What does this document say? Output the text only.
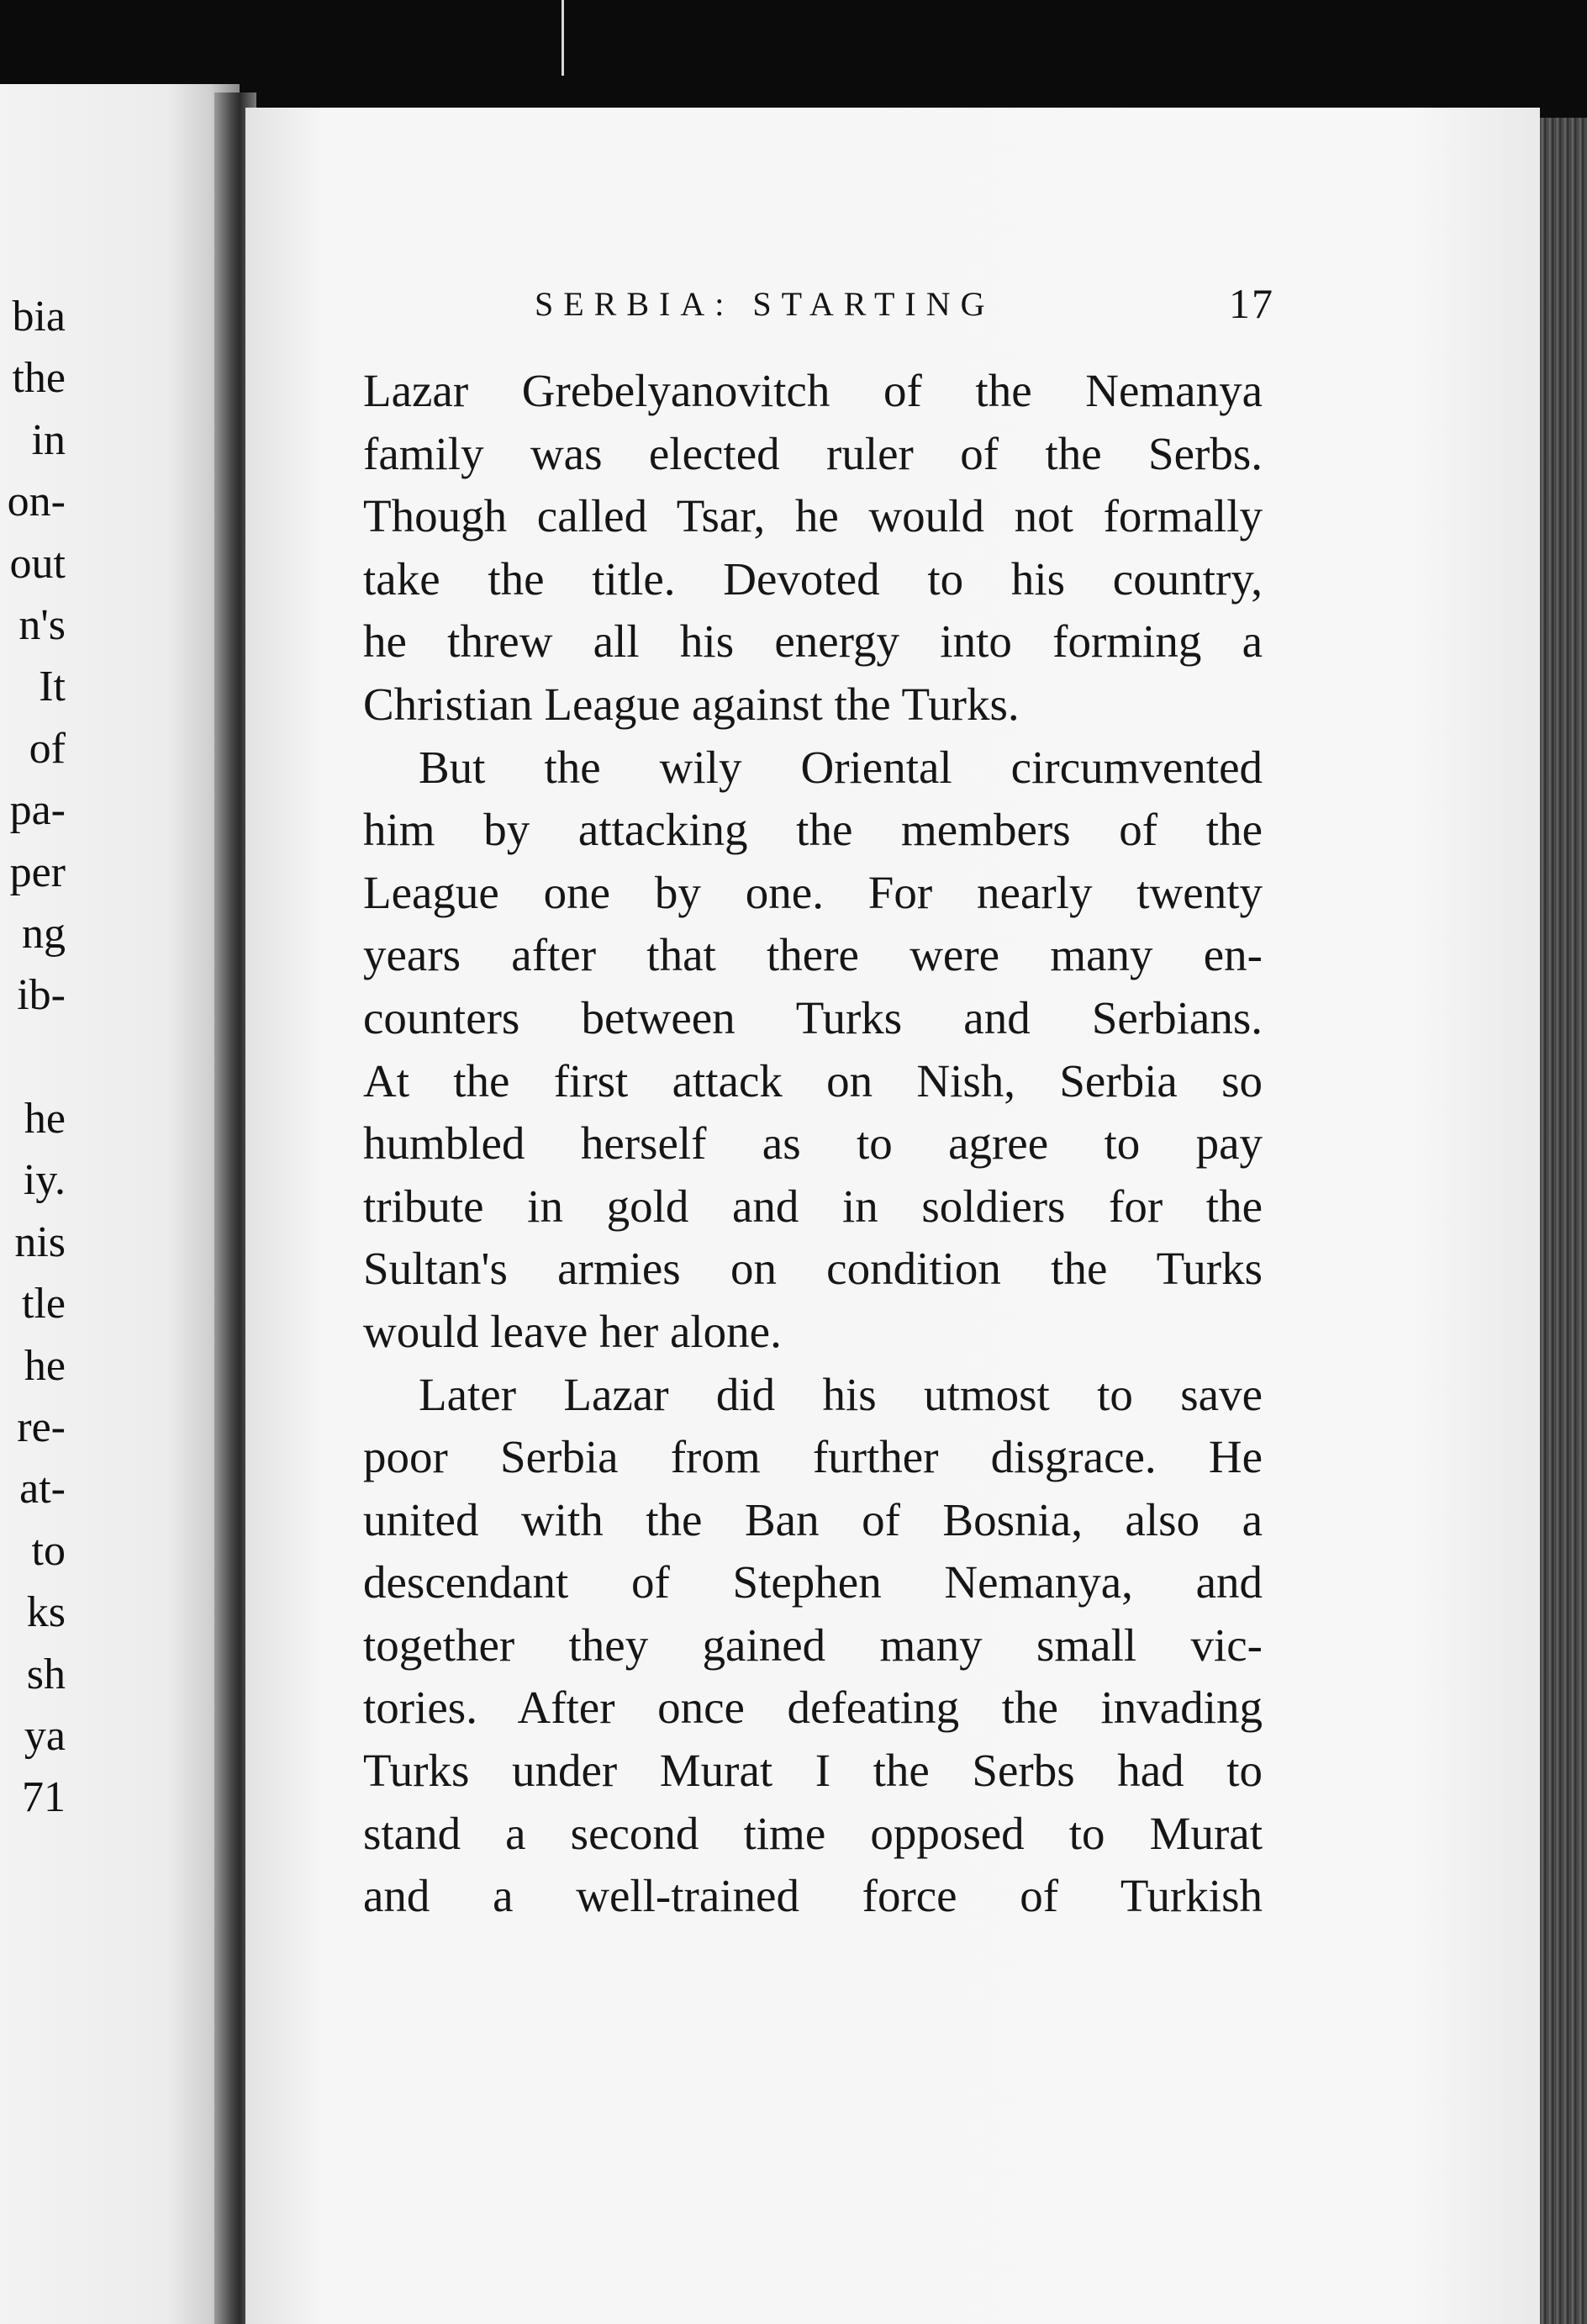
bia
the
in
on-
out
n's
It
of
pa-
per
ng
ib-
he
iy.
nis
tle
he
re-
at-
to
ks
sh
ya
71
SERBIA: STARTING	17
Lazar Grebelyanovitch of the Nemanya
family was elected ruler of the Serbs.
Though called Tsar, he would not formally
take the title. Devoted to his country,
he threw all his energy into forming a
Christian League against the Turks.
But the wily Oriental circumvented
him by attacking the members of the
League one by one. For nearly twenty
years after that there were many en-
counters between Turks and Serbians.
At the first attack on Nish, Serbia so
humbled herself as to agree to pay
tribute in gold and in soldiers for the
Sultan's armies on condition the Turks
would leave her alone.
Later Lazar did his utmost to save
poor Serbia from further disgrace. He
united with the Ban of Bosnia, also a
descendant of Stephen Nemanya, and
together they gained many small vic-
tories. After once defeating the invading
Turks under Murat I the Serbs had to
stand a second time opposed to Murat
and a well-trained force of Turkish
